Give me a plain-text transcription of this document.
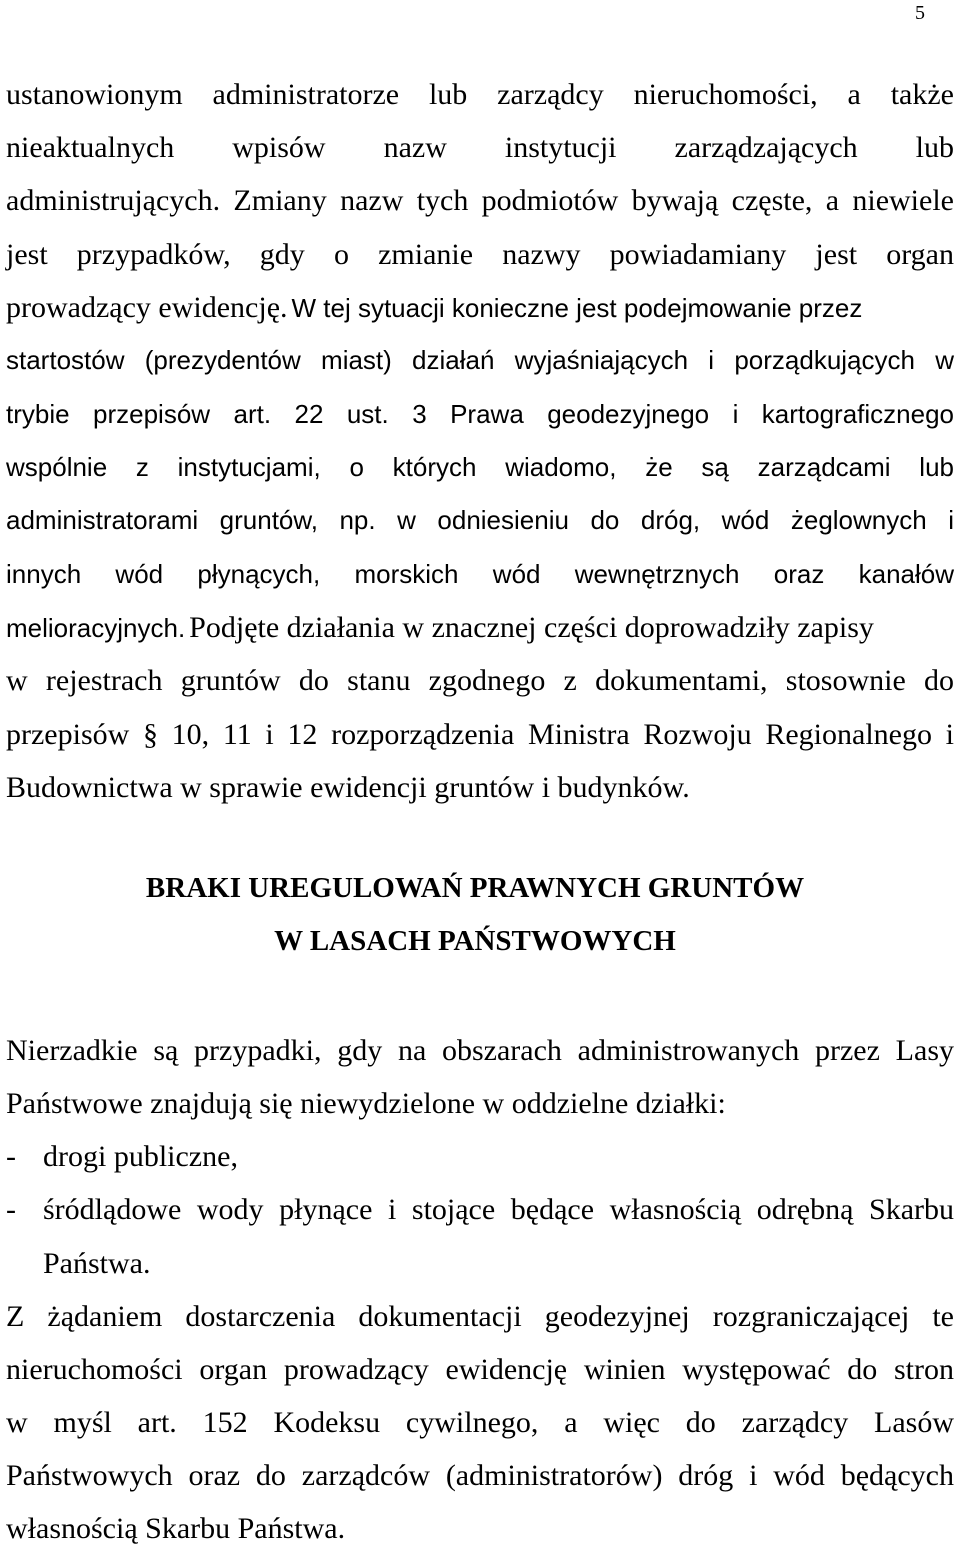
5

ustanowionym administratorze lub zarządcy nieruchomości, a także

nieaktualnych wpisów nazw instytucji zarządzających lub

administrujących. Zmiany nazw tych podmiotów bywają częste, a niewiele

jest przypadków, gdy o zmianie nazwy powiadamiany jest organ

prowadzący ewidencję. W tej sytuacji konieczne jest podejmowanie przez

startostów (prezydentów miast) działań wyjaśniających i porządkujących w

trybie przepisów art. 22 ust. 3 Prawa geodezyjnego i kartograficznego

wspólnie z instytucjami, o których wiadomo, że są zarządcami lub

administratorami gruntów, np. w odniesieniu do dróg, wód żeglownych i

innych wód płynących, morskich wód wewnętrznych oraz kanałów

melioracyjnych. Podjęte działania w znacznej części doprowadziły zapisy

w rejestrach gruntów do stanu zgodnego z dokumentami, stosownie do

przepisów § 10, 11 i 12 rozporządzenia Ministra Rozwoju Regionalnego i

Budownictwa w sprawie ewidencji gruntów i budynków.

BRAKI UREGULOWAŃ PRAWNYCH GRUNTÓW
W LASACH PAŃSTWOWYCH

Nierzadkie są przypadki, gdy na obszarach administrowanych przez Lasy

Państwowe znajdują się niewydzielone w oddzielne działki:

- drogi publiczne,
- śródlądowe wody płynące i stojące będące własnością odrębną Skarbu

Państwa.

Z żądaniem dostarczenia dokumentacji geodezyjnej rozgraniczającej te

nieruchomości organ prowadzący ewidencję winien występować do stron

w myśl art. 152 Kodeksu cywilnego, a więc do zarządcy Lasów

Państwowych oraz do zarządców (administratorów) dróg i wód będących

własnością Skarbu Państwa.
